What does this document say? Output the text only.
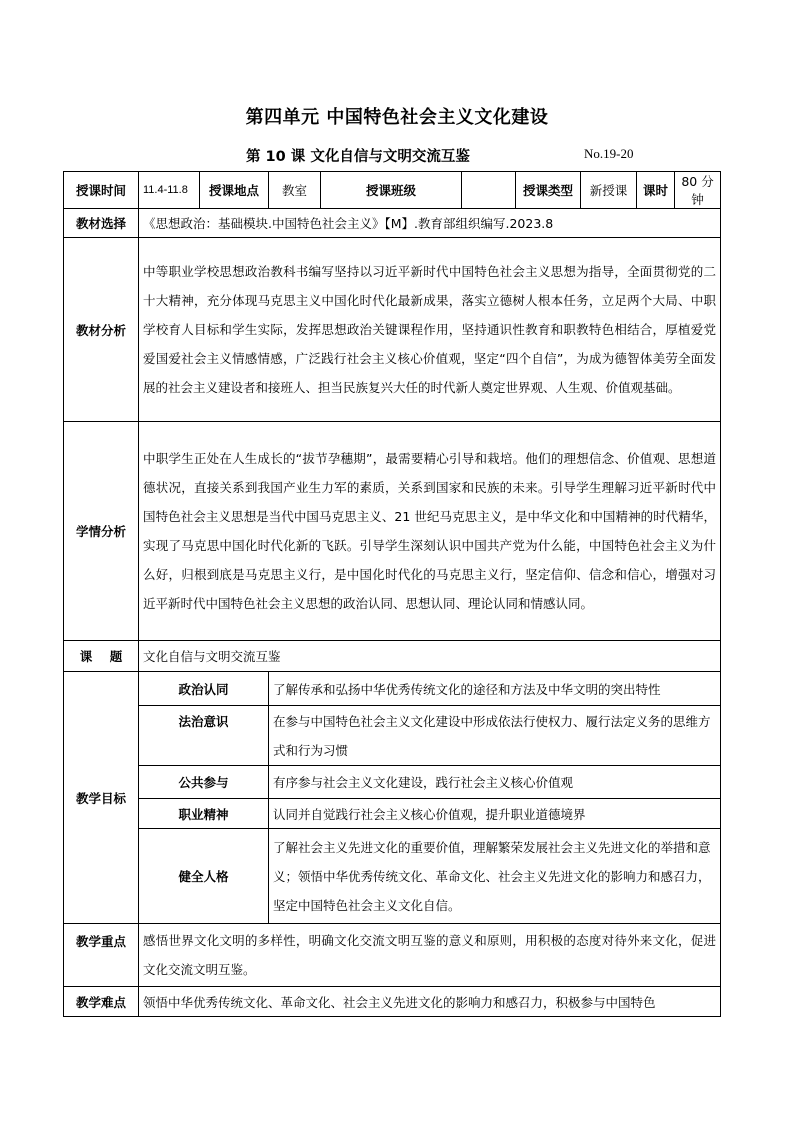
第四单元 中国特色社会主义文化建设
第 10 课 文化自信与文明交流互鉴	No.19-20
授课时间	11.4-11.8	授课地点	教室	授课班级		授课类型	新授课	课时	80 分钟
教材选择	《思想政治：基础模块.中国特色社会主义》【M】.教育部组织编写.2023.8								
教材分析	中等职业学校思想政治教科书编写坚持以习近平新时代中国特色社会主义思想为指导，全面贯彻党的二十大精神，充分体现马克思主义中国化时代化最新成果，落实立德树人根本任务，立足两个大局、中职学校育人目标和学生实际，发挥思想政治关键课程作用，坚持通识性教育和职教特色相结合，厚植爱党爱国爱社会主义情感情感，广泛践行社会主义核心价值观，坚定“四个自信”，为成为德智体美劳全面发展的社会主义建设者和接班人、担当民族复兴大任的时代新人奠定世界观、人生观、价值观基础。								
学情分析	中职学生正处在人生成长的“拔节孕穗期”，最需要精心引导和栽培。他们的理想信念、价值观、思想道德状况，直接关系到我国产业生力军的素质，关系到国家和民族的未来。引导学生理解习近平新时代中国特色社会主义思想是当代中国马克思主义、21 世纪马克思主义，是中华文化和中国精神的时代精华，实现了马克思中国化时代化新的飞跃。引导学生深刻认识中国共产党为什么能，中国特色社会主义为什么好，归根到底是马克思主义行，是中国化时代化的马克思主义行，坚定信仰、信念和信心，增强对习近平新时代中国特色社会主义思想的政治认同、思想认同、理论认同和情感认同。								
课    题	文化自信与文明交流互鉴								
教学目标	政治认同		了解传承和弘扬中华优秀传统文化的途径和方法及中华文明的突出特性						
	法治意识		在参与中国特色社会主义文化建设中形成依法行使权力、履行法定义务的思维方式和行为习惯						
	公共参与		有序参与社会主义文化建设，践行社会主义核心价值观						
	职业精神		认同并自觉践行社会主义核心价值观，提升职业道德境界						
	健全人格		了解社会主义先进文化的重要价值，理解繁荣发展社会主义先进文化的举措和意义；领悟中华优秀传统文化、革命文化、社会主义先进文化的影响力和感召力，坚定中国特色社会主义文化自信。						
教学重点	感悟世界文化文明的多样性，明确文化交流文明互鉴的意义和原则，用积极的态度对待外来文化，促进文化交流文明互鉴。								
教学难点	领悟中华优秀传统文化、革命文化、社会主义先进文化的影响力和感召力，积极参与中国特色								
